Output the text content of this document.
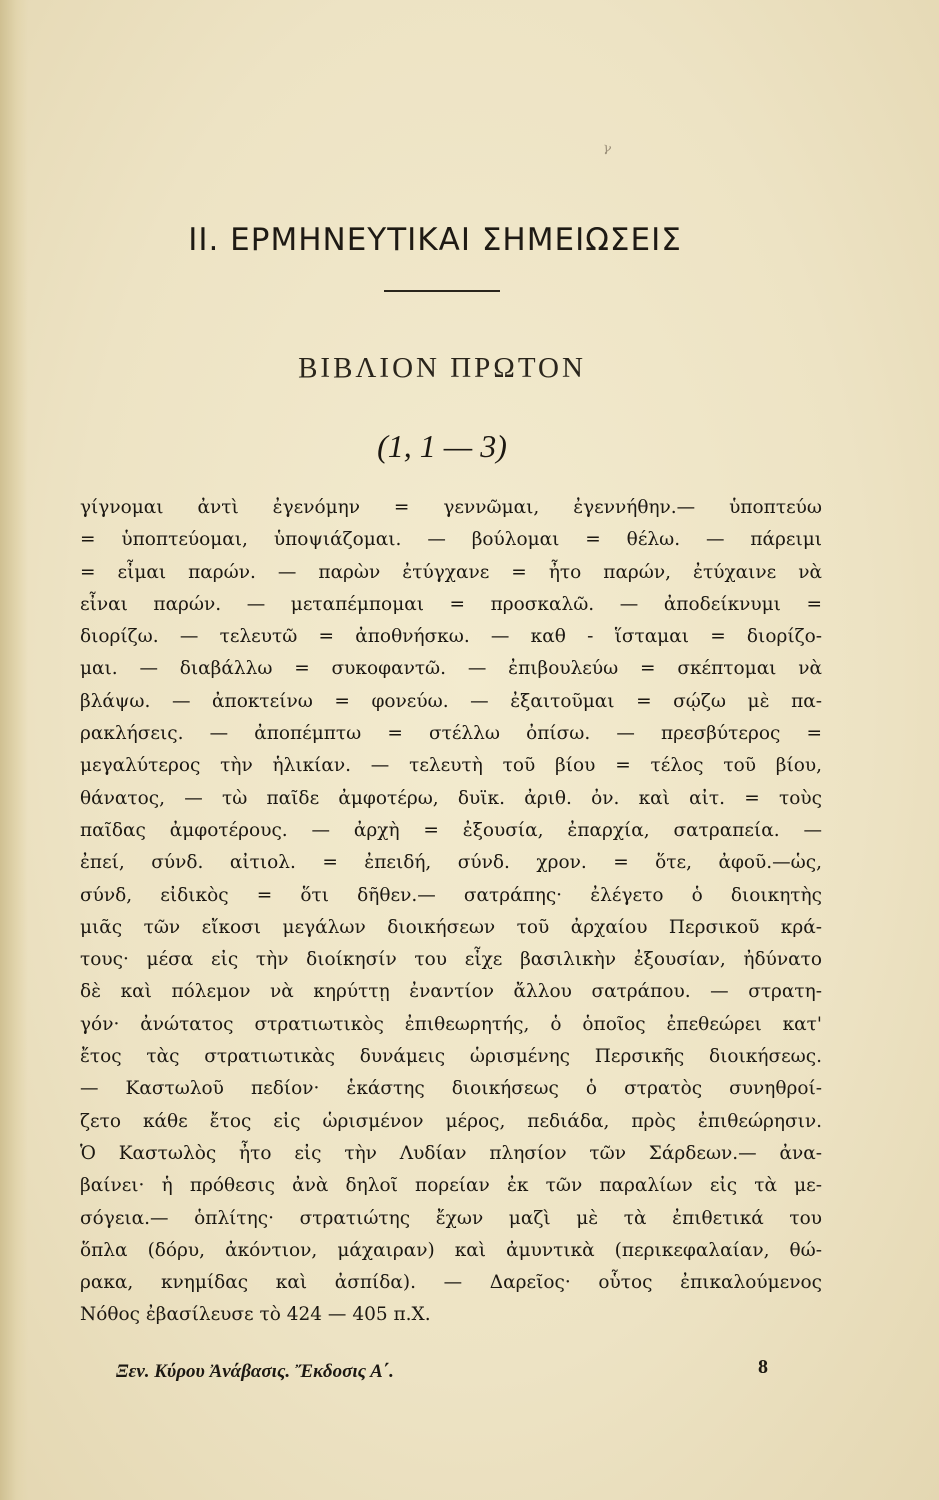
ᵞ
II. ΕΡΜΗΝΕΥΤΙΚΑΙ ΣΗΜΕΙΩΣΕΙΣ
ΒΙΒΛΙΟΝ ΠΡΩΤΟΝ
(1, 1 — 3)
γίγνομαι ἀντὶ ἐγενόμην = γεννῶμαι, ἐγεννήθην.— ὑποπτεύω
= ὑποπτεύομαι, ὑποψιάζομαι. — βούλομαι = θέλω. — πάρειμι
= εἶμαι παρών. — παρὼν ἐτύγχανε = ἦτο παρών, ἐτύχαινε νὰ
εἶναι παρών. — μεταπέμπομαι = προσκαλῶ. — ἀποδείκνυμι =
διορίζω. — τελευτῶ = ἀποθνήσκω. — καθ - ἵσταμαι = διορίζο-
μαι. — διαβάλλω = συκοφαντῶ. — ἐπιβουλεύω = σκέπτομαι νὰ
βλάψω. — ἀποκτείνω = φονεύω. — ἐξαιτοῦμαι = σῴζω μὲ πα-
ρακλήσεις. — ἀποπέμπτω = στέλλω ὀπίσω. — πρεσβύτερος =
μεγαλύτερος τὴν ἡλικίαν. — τελευτὴ τοῦ βίου = τέλος τοῦ βίου,
θάνατος, — τὼ παῖδε ἀμφοτέρω, δυϊκ. ἀριθ. ὀν. καὶ αἰτ. = τοὺς
παῖδας ἀμφοτέρους. — ἀρχὴ = ἐξουσία, ἐπαρχία, σατραπεία. —
ἐπεί, σύνδ. αἰτιολ. = ἐπειδή, σύνδ. χρον. = ὅτε, ἀφοῦ.—ὡς,
σύνδ, εἰδικὸς = ὅτι δῆθεν.— σατράπης· ἐλέγετο ὁ διοικητὴς
μιᾶς τῶν εἴκοσι μεγάλων διοικήσεων τοῦ ἀρχαίου Περσικοῦ κρά-
τους· μέσα εἰς τὴν διοίκησίν του εἶχε βασιλικὴν ἐξουσίαν, ἠδύνατο
δὲ καὶ πόλεμον νὰ κηρύττῃ ἐναντίον ἄλλου σατράπου. — στρατη-
γόν· ἀνώτατος στρατιωτικὸς ἐπιθεωρητής, ὁ ὁποῖος ἐπεθεώρει κατ'
ἔτος τὰς στρατιωτικὰς δυνάμεις ὡρισμένης Περσικῆς διοικήσεως.
— Καστωλοῦ πεδίον· ἑκάστης διοικήσεως ὁ στρατὸς συνηθροί-
ζετο κάθε ἔτος εἰς ὡρισμένον μέρος, πεδιάδα, πρὸς ἐπιθεώρησιν.
Ὁ Καστωλὸς ἦτο εἰς τὴν Λυδίαν πλησίον τῶν Σάρδεων.— ἀνα-
βαίνει· ἡ πρόθεσις ἀνὰ δηλοῖ πορείαν ἐκ τῶν παραλίων εἰς τὰ με-
σόγεια.— ὁπλίτης· στρατιώτης ἔχων μαζὶ μὲ τὰ ἐπιθετικά του
ὅπλα (δόρυ, ἀκόντιον, μάχαιραν) καὶ ἀμυντικὰ (περικεφαλαίαν, θώ-
ρακα, κνημίδας καὶ ἀσπίδα). — Δαρεῖος· οὗτος ἐπικαλούμενος
Νόθος ἐβασίλευσε τὸ 424 — 405 π.Χ.
Ξεν. Κύρου Ἀνάβασις. Ἔκδοσις Α΄.	8
